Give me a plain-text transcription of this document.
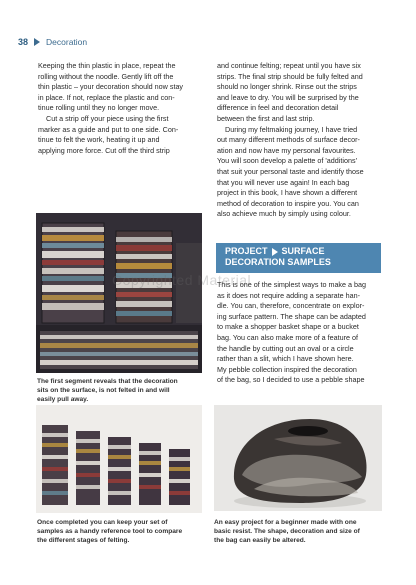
38 Decoration
Keeping the thin plastic in place, repeat the
rolling without the noodle. Gently lift off the
thin plastic – your decoration should now stay
in place. If not, replace the plastic and con-
tinue rolling until they no longer move.
Cut a strip off your piece using the first
marker as a guide and put to one side. Con-
tinue to felt the work, heating it up and
applying more force. Cut off the third strip
and continue felting; repeat until you have six
strips. The final strip should be fully felted and
should no longer shrink. Rinse out the strips
and leave to dry. You will be surprised by the
difference in feel and decoration detail
between the first and last strip.
During my feltmaking journey, I have tried
out many different methods of surface decor-
ation and now have my personal favourites.
You will soon develop a palette of 'additions'
that suit your personal taste and identify those
that you will never use again! In each bag
project in this book, I have shown a different
method of decoration to inspire you. You can
also achieve much by simply using colour.
PROJECT SURFACE
DECORATION SAMPLES
This is one of the simplest ways to make a bag
as it does not require adding a separate han-
dle. You can, therefore, concentrate on explor-
ing surface pattern. The shape can be adapted
to make a shopper basket shape or a bucket
bag. You can also make more of a feature of
the handle by cutting out an oval or a circle
rather than a slit, which I have shown here.
My pebble collection inspired the decoration
of the bag, so I decided to use a pebble shape
The first segment reveals that the decoration
sits on the surface, is not felted in and will
easily pull away.
Once completed you can keep your set of
samples as a handy reference tool to compare
the different stages of felting.
An easy project for a beginner made with one
basic resist. The shape, decoration and size of
the bag can easily be altered.
Copyrighted Material
